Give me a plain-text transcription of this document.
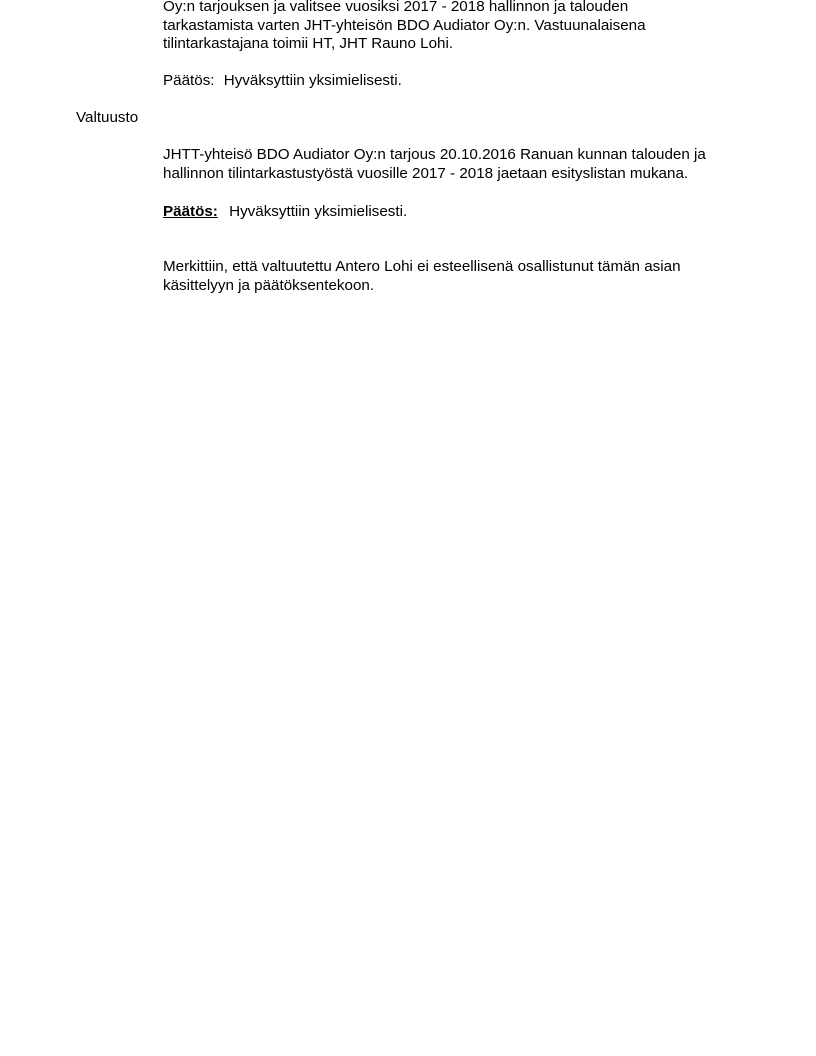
Oy:n tarjouksen ja valitsee vuosiksi 2017 - 2018 hallinnon ja talouden
tarkastamista varten JHT-yhteisön BDO Audiator Oy:n. Vastuunalaisena
tilintarkastajana toimii HT, JHT Rauno Lohi.
Päätös: Hyväksyttiin yksimielisesti.
Valtuusto
JHTT-yhteisö BDO Audiator Oy:n tarjous 20.10.2016 Ranuan kunnan talouden ja
hallinnon tilintarkastustyöstä vuosille 2017 - 2018 jaetaan esityslistan mukana.
Päätös: Hyväksyttiin yksimielisesti.
Merkittiin, että valtuutettu Antero Lohi ei esteellisenä osallistunut tämän asian
käsittelyyn ja päätöksentekoon.
